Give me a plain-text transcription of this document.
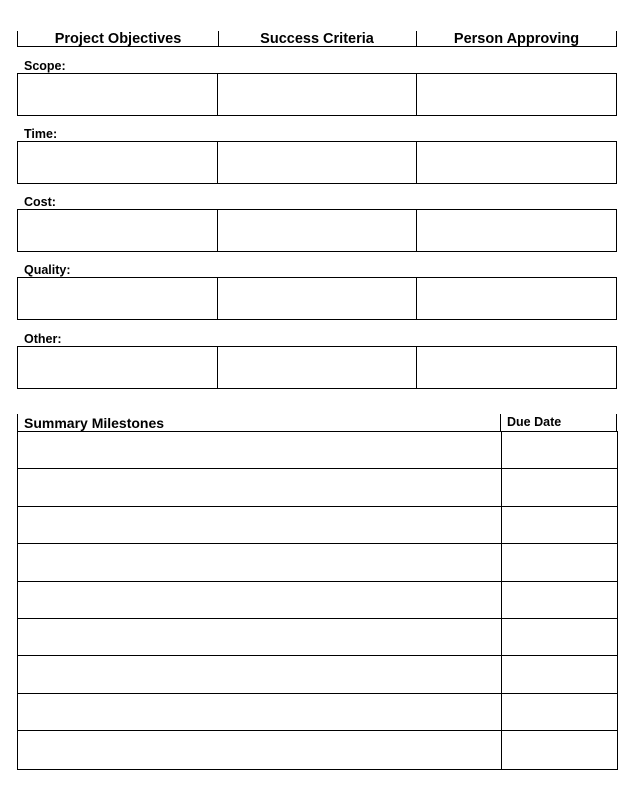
Project Objectives	Success Criteria	Person Approving
Scope:
Time:
Cost:
Quality:
Other:
Summary Milestones	Due Date
